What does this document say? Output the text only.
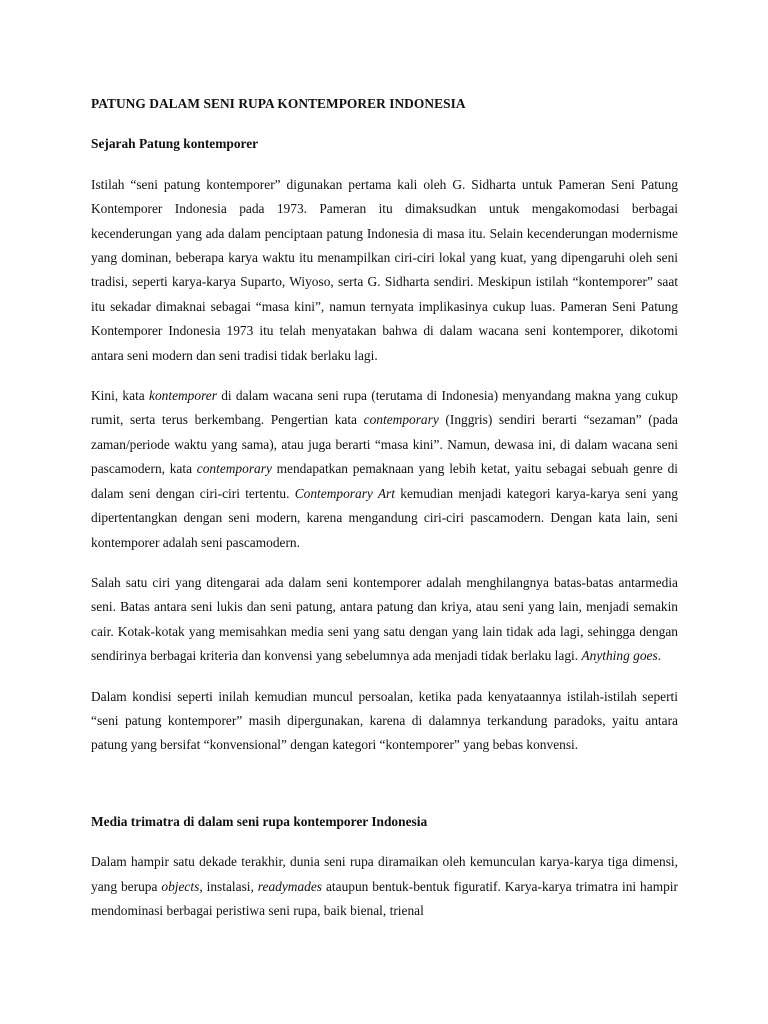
PATUNG DALAM SENI RUPA KONTEMPORER INDONESIA
Sejarah Patung kontemporer

Istilah “seni patung kontemporer” digunakan pertama kali oleh G. Sidharta untuk Pameran Seni Patung Kontemporer Indonesia pada 1973. Pameran itu dimaksudkan untuk mengakomodasi berbagai kecenderungan yang ada dalam penciptaan patung Indonesia di masa itu. Selain kecenderungan modernisme yang dominan, beberapa karya waktu itu menampilkan ciri-ciri lokal yang kuat, yang dipengaruhi oleh seni tradisi, seperti karya-karya Suparto, Wiyoso, serta G. Sidharta sendiri. Meskipun istilah “kontemporer” saat itu sekadar dimaknai sebagai “masa kini”, namun ternyata implikasinya cukup luas. Pameran Seni Patung Kontemporer Indonesia 1973 itu telah menyatakan bahwa di dalam wacana seni kontemporer, dikotomi antara seni modern dan seni tradisi tidak berlaku lagi.

Kini, kata kontemporer di dalam wacana seni rupa (terutama di Indonesia) menyandang makna yang cukup rumit, serta terus berkembang. Pengertian kata contemporary (Inggris) sendiri berarti “sezaman” (pada zaman/periode waktu yang sama), atau juga berarti “masa kini”. Namun, dewasa ini, di dalam wacana seni pascamodern, kata contemporary mendapatkan pemaknaan yang lebih ketat, yaitu sebagai sebuah genre di dalam seni dengan ciri-ciri tertentu. Contemporary Art kemudian menjadi kategori karya-karya seni yang dipertentangkan dengan seni modern, karena mengandung ciri-ciri pascamodern. Dengan kata lain, seni kontemporer adalah seni pascamodern.

Salah satu ciri yang ditengarai ada dalam seni kontemporer adalah menghilangnya batas-batas antarmedia seni. Batas antara seni lukis dan seni patung, antara patung dan kriya, atau seni yang lain, menjadi semakin cair. Kotak-kotak yang memisahkan media seni yang satu dengan yang lain tidak ada lagi, sehingga dengan sendirinya berbagai kriteria dan konvensi yang sebelumnya ada menjadi tidak berlaku lagi. Anything goes.

Dalam kondisi seperti inilah kemudian muncul persoalan, ketika pada kenyataannya istilah-istilah seperti “seni patung kontemporer” masih dipergunakan, karena di dalamnya terkandung paradoks, yaitu antara patung yang bersifat “konvensional” dengan kategori “kontemporer” yang bebas konvensi.

Media trimatra di dalam seni rupa kontemporer Indonesia

Dalam hampir satu dekade terakhir, dunia seni rupa diramaikan oleh kemunculan karya-karya tiga dimensi, yang berupa objects, instalasi, readymades ataupun bentuk-bentuk figuratif. Karya-karya trimatra ini hampir mendominasi berbagai peristiwa seni rupa, baik bienal, trienal
